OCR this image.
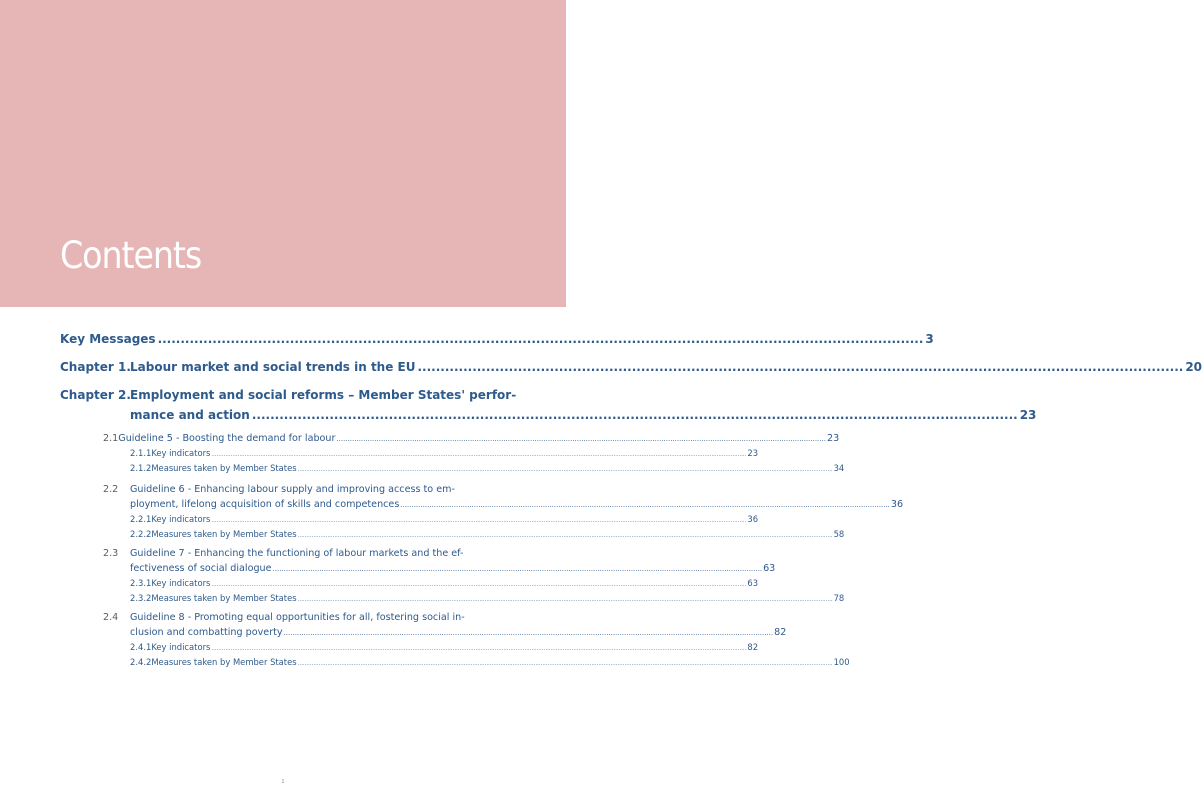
Contents
Key Messages ........................................................................................................................................................................ 3
Chapter 1.Labour market and social trends in the EU ........................................................................................................................................................................ 20
Chapter 2.Employment and social reforms – Member States' perfor-
mance and action ........................................................................................................................................................................ 23
2.1 Guideline 5 - Boosting the demand for labour ............................................................................................................................................................................................................................ 23
2.1.1 Key indicators .................................................................................................................................................................................................................................................................................................................. 23
2.1.2 Measures taken by Member States .................................................................................................................................................................................................................................................................................................................. 34
2.2	Guideline 6 - Enhancing labour supply and improving access to em-
ployment, lifelong acquisition of skills and competences ............................................................................................................................................................................................................................ 36
2.2.1 Key indicators .................................................................................................................................................................................................................................................................................................................. 36
2.2.2 Measures taken by Member States .................................................................................................................................................................................................................................................................................................................. 58
2.3	Guideline 7 - Enhancing the functioning of labour markets and the ef-
fectiveness of social dialogue ............................................................................................................................................................................................................................ 63
2.3.1 Key indicators .................................................................................................................................................................................................................................................................................................................. 63
2.3.2 Measures taken by Member States .................................................................................................................................................................................................................................................................................................................. 78
2.4	Guideline 8 - Promoting equal opportunities for all, fostering social in-
clusion and combatting poverty ............................................................................................................................................................................................................................ 82
2.4.1 Key indicators .................................................................................................................................................................................................................................................................................................................. 82
2.4.2 Measures taken by Member States .................................................................................................................................................................................................................................................................................................................. 100
1
